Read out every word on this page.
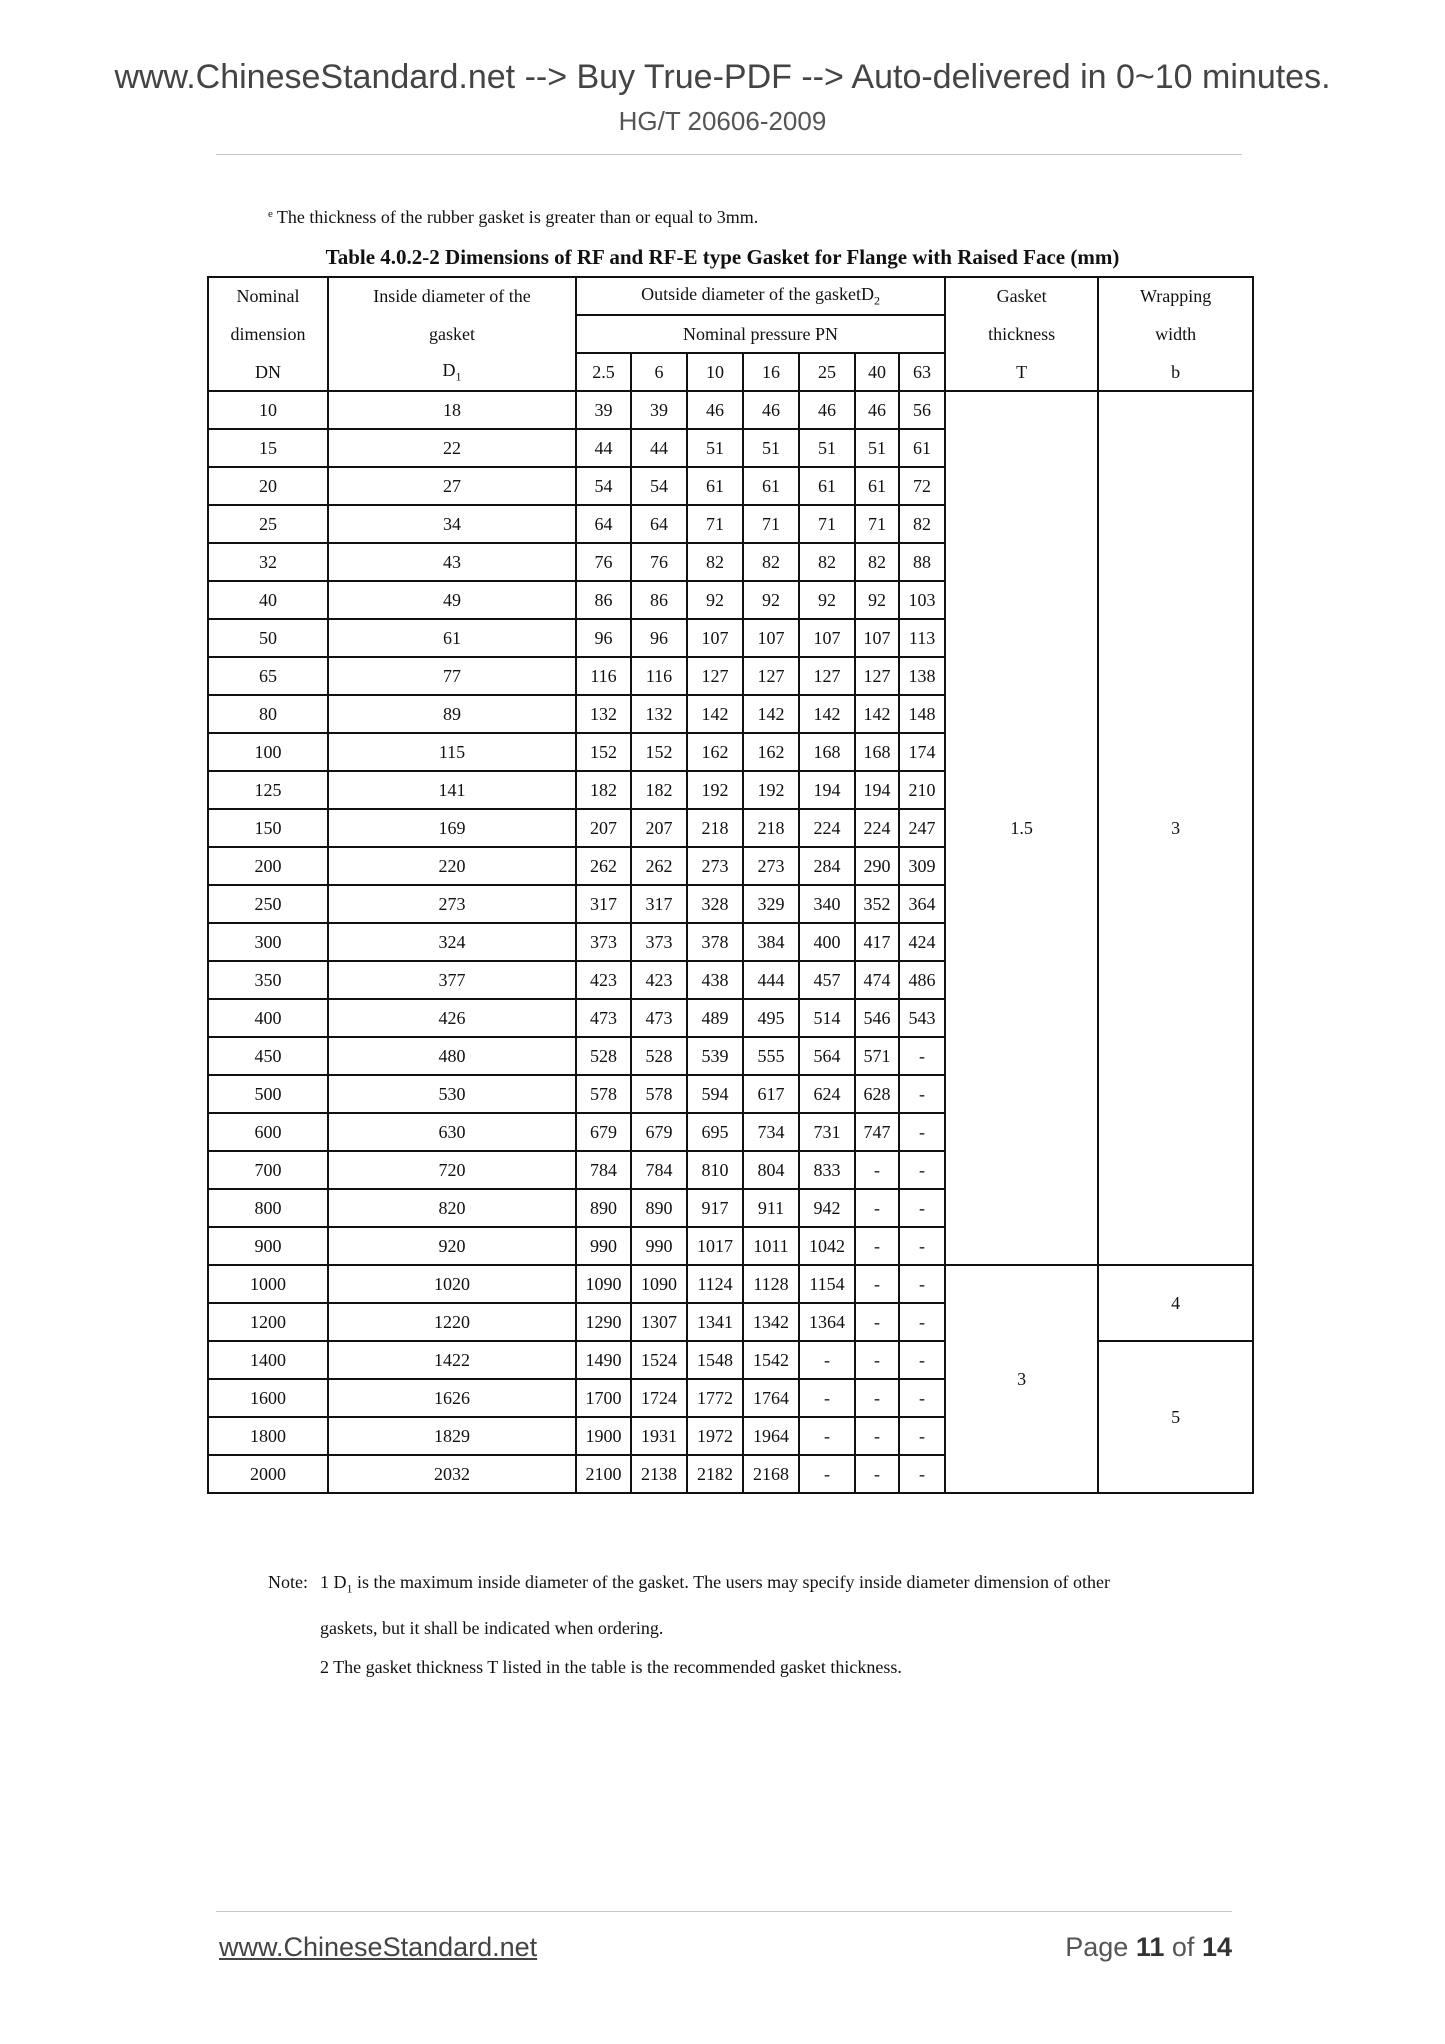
www.ChineseStandard.net --> Buy True-PDF --> Auto-delivered in 0~10 minutes.
HG/T 20606-2009
$^e$ The thickness of the rubber gasket is greater than or equal to 3mm.
Table 4.0.2-2 Dimensions of RF and RF-E type Gasket for Flange with Raised Face (mm)
Nominal	Inside diameter of the	Outside diameter of the gasketD$_2$							Gasket	Wrapping
dimension	gasket	Nominal pressure PN							thickness	width
DN	$D_1$	2.5	6	10	16	25	40	63	T	b
10	18	39	39	46	46	46	46	56	1.5	3
15	22	44	44	51	51	51	51	61		
20	27	54	54	61	61	61	61	72		
25	34	64	64	71	71	71	71	82		
32	43	76	76	82	82	82	82	88		
40	49	86	86	92	92	92	92	103		
50	61	96	96	107	107	107	107	113		
65	77	116	116	127	127	127	127	138		
80	89	132	132	142	142	142	142	148		
100	115	152	152	162	162	168	168	174		
125	141	182	182	192	192	194	194	210		
150	169	207	207	218	218	224	224	247		
200	220	262	262	273	273	284	290	309		
250	273	317	317	328	329	340	352	364		
300	324	373	373	378	384	400	417	424		
350	377	423	423	438	444	457	474	486		
400	426	473	473	489	495	514	546	543		
450	480	528	528	539	555	564	571	-		
500	530	578	578	594	617	624	628	-		
600	630	679	679	695	734	731	747	-		
700	720	784	784	810	804	833	-	-		
800	820	890	890	917	911	942	-	-		
900	920	990	990	1017	1011	1042	-	-		
1000	1020	1090	1090	1124	1128	1154	-	-	3	4
1200	1220	1290	1307	1341	1342	1364	-	-		
1400	1422	1490	1524	1548	1542	-	-	-		5
1600	1626	1700	1724	1772	1764	-	-	-		
1800	1829	1900	1931	1972	1964	-	-	-		
2000	2032	2100	2138	2182	2168	-	-	-		
Note: 1 $D_1$ is the maximum inside diameter of the gasket. The users may specify inside diameter dimension of other
gaskets, but it shall be indicated when ordering.
2 The gasket thickness T listed in the table is the recommended gasket thickness.
www.ChineseStandard.net	Page 11 of 14
